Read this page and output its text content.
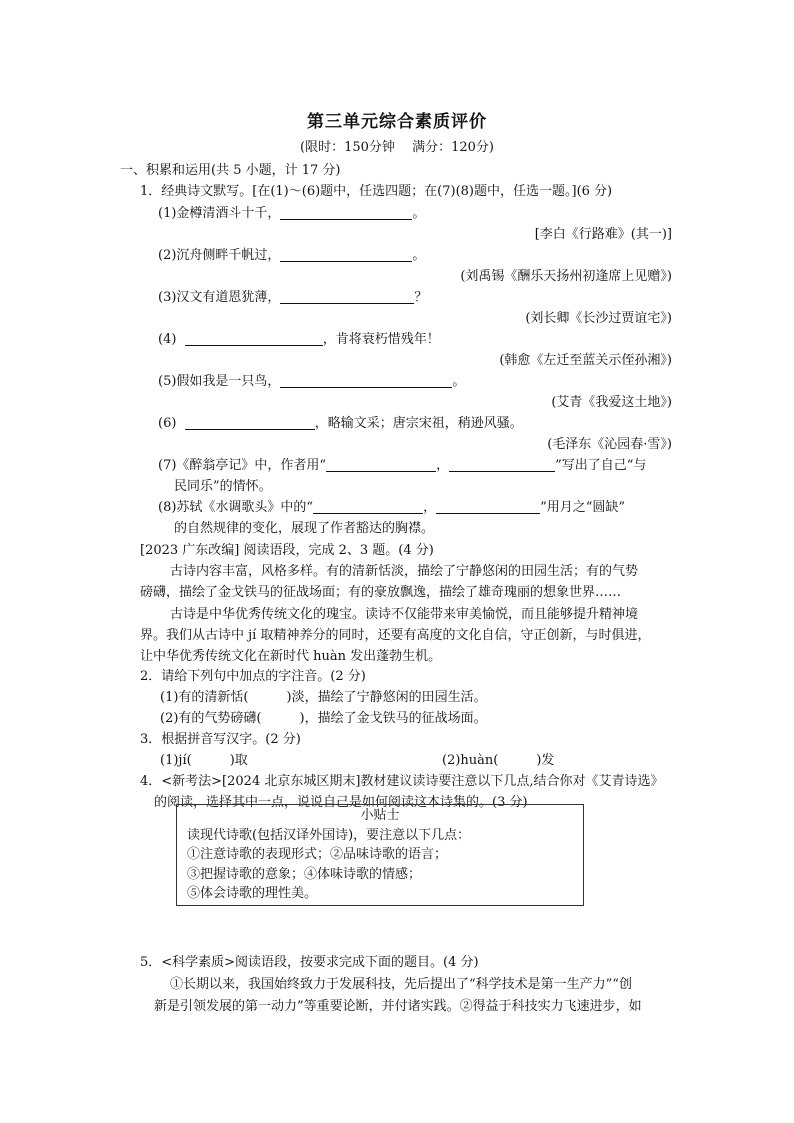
第三单元综合素质评价
(限时：150分钟　 满分：120分)
一、积累和运用(共 5 小题，计 17 分)
1．经典诗文默写。[在(1)～(6)题中，任选四题；在(7)(8)题中，任选一题。](6 分)
(1)金樽清酒斗十千，	。
[李白《行路难》(其一)]
(2)沉舟侧畔千帆过，	。
(刘禹锡《酬乐天扬州初逢席上见赠》)
(3)汉文有道恩犹薄，	？
(刘长卿《长沙过贾谊宅》)
(4)	，肯将衰朽惜残年！
(韩愈《左迁至蓝关示侄孙湘》)
(5)假如我是一只鸟，	。
(艾青《我爱这土地》)
(6)	，略输文采；唐宗宋祖，稍逊风骚。
(毛泽东《沁园春·雪》)
(7)《醉翁亭记》中，作者用“	，	”写出了自己“与
民同乐”的情怀。
(8)苏轼《水调歌头》中的“	，	”用月之“圆缺”
的自然规律的变化，展现了作者豁达的胸襟。
[2023 广东改编] 阅读语段，完成 2、3 题。(4 分)
古诗内容丰富，风格多样。有的清新恬淡，描绘了宁静悠闲的田园生活；有的气势
磅礴，描绘了金戈铁马的征战场面；有的豪放飘逸，描绘了雄奇瑰丽的想象世界……
古诗是中华优秀传统文化的瑰宝。读诗不仅能带来审美愉悦，而且能够提升精神境
界。我们从古诗中 jí 取精神养分的同时，还要有高度的文化自信，守正创新，与时俱进，
让中华优秀传统文化在新时代 huàn 发出蓬勃生机。
2．请给下列句中加点的字注音。(2 分)
(1)有的清新恬(	)淡，描绘了宁静悠闲的田园生活。
(2)有的气势磅礴(	)，描绘了金戈铁马的征战场面。
3．根据拼音写汉字。(2 分)
(1)jí(	)取	(2)huàn(	)发
4．<新考法>[2024 北京东城区期末]教材建议读诗要注意以下几点,结合你对《艾青诗选》
的阅读，选择其中一点，说说自己是如何阅读这本诗集的。(3 分)
小贴士
读现代诗歌(包括汉译外国诗)，要注意以下几点：
①注意诗歌的表现形式；②品味诗歌的语言；
③把握诗歌的意象；④体味诗歌的情感；
⑤体会诗歌的理性美。
5．<科学素质>阅读语段，按要求完成下面的题目。(4 分)
①长期以来，我国始终致力于发展科技，先后提出了“科学技术是第一生产力”“创
新是引领发展的第一动力”等重要论断，并付诸实践。②得益于科技实力飞速进步，如
